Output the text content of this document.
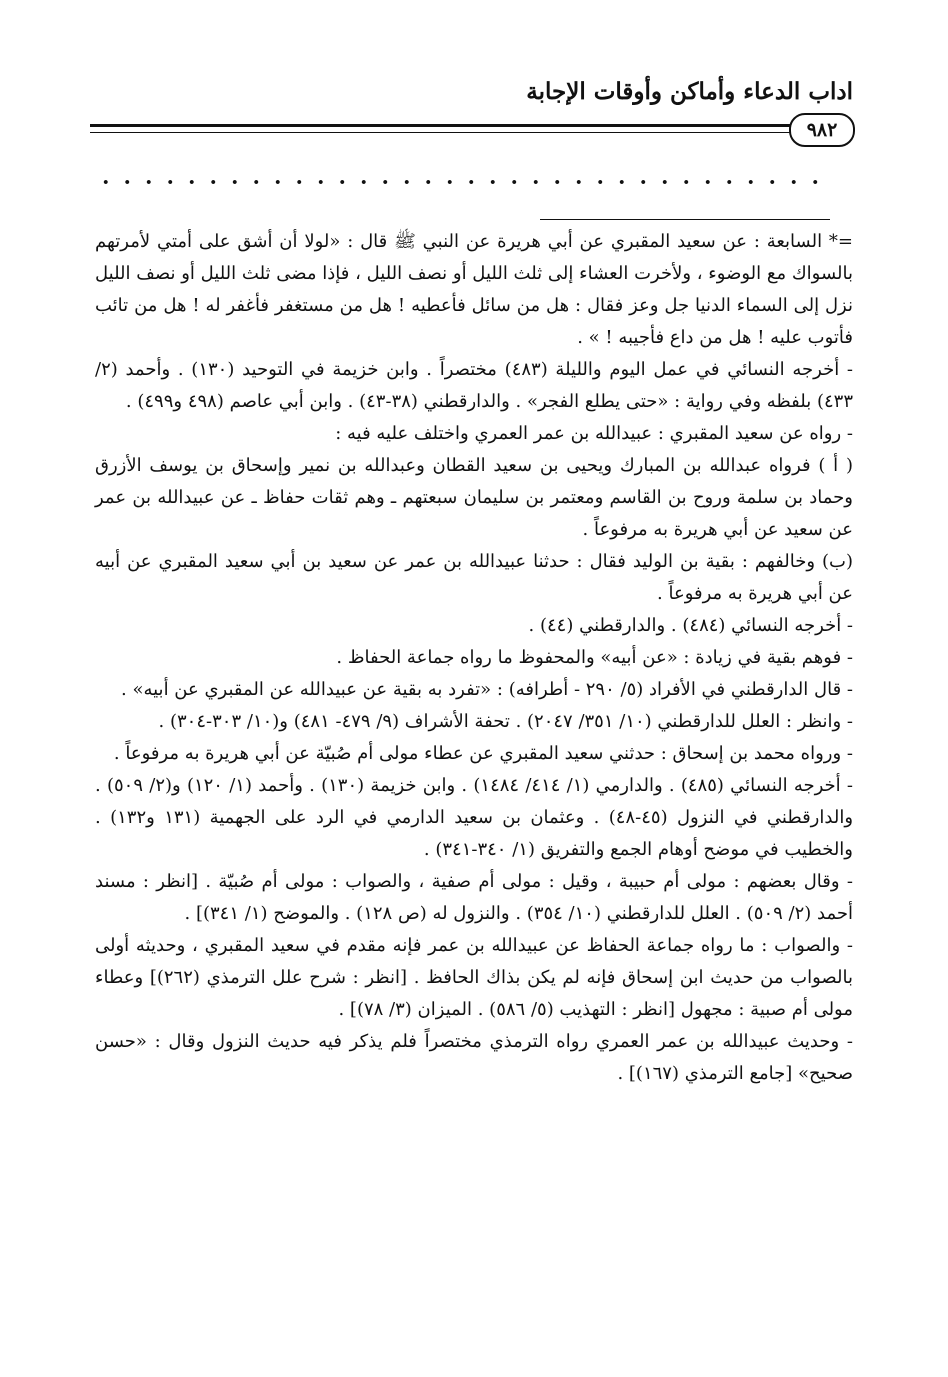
اداب الدعاء وأماكن وأوقات الإجابة
٩٨٢

=* السابعة : عن سعيد المقبري عن أبي هريرة عن النبي ﷺ قال : «لولا أن أشق على أمتي لأمرتهم بالسواك مع الوضوء ، ولأخرت العشاء إلى ثلث الليل أو نصف الليل ، فإذا مضى ثلث الليل أو نصف الليل نزل إلى السماء الدنيا جل وعز فقال : هل من سائل فأعطيه ! هل من مستغفر فأغفر له ! هل من تائب فأتوب عليه ! هل من داع فأجيبه ! » .

- أخرجه النسائي في عمل اليوم والليلة (٤٨٣) مختصراً . وابن خزيمة في التوحيد (١٣٠) . وأحمد (٢/ ٤٣٣) بلفظه وفي رواية : «حتى يطلع الفجر» . والدارقطني (٣٨-٤٣) . وابن أبي عاصم (٤٩٨ و٤٩٩) .

- رواه عن سعيد المقبري : عبيدالله بن عمر العمري واختلف عليه فيه :

( أ ) فرواه عبدالله بن المبارك ويحيى بن سعيد القطان وعبدالله بن نمير وإسحاق بن يوسف الأزرق وحماد بن سلمة وروح بن القاسم ومعتمر بن سليمان سبعتهم ـ وهم ثقات حفاظ ـ عن عبيدالله بن عمر عن سعيد عن أبي هريرة به مرفوعاً .

(ب) وخالفهم : بقية بن الوليد فقال : حدثنا عبيدالله بن عمر عن سعيد بن أبي سعيد المقبري عن أبيه عن أبي هريرة به مرفوعاً .

- أخرجه النسائي (٤٨٤) . والدارقطني (٤٤) .

- فوهم بقية في زيادة : «عن أبيه» والمحفوظ ما رواه جماعة الحفاظ .

- قال الدارقطني في الأفراد (٥/ ٢٩٠ - أطرافه) : «تفرد به بقية عن عبيدالله عن المقبري عن أبيه» .

- وانظر : العلل للدارقطني (١٠/ ٣٥١/ ٢٠٤٧) . تحفة الأشراف (٩/ ٤٧٩- ٤٨١) و(١٠/ ٣٠٣-٣٠٤) .

- ورواه محمد بن إسحاق : حدثني سعيد المقبري عن عطاء مولى أم صُبيّة عن أبي هريرة به مرفوعاً .

- أخرجه النسائي (٤٨٥) . والدارمي (١/ ٤١٤/ ١٤٨٤) . وابن خزيمة (١٣٠) . وأحمد (١/ ١٢٠) و(٢/ ٥٠٩) . والدارقطني في النزول (٤٥-٤٨) . وعثمان بن سعيد الدارمي في الرد على الجهمية (١٣١ و١٣٢) . والخطيب في موضح أوهام الجمع والتفريق (١/ ٣٤٠-٣٤١) .

- وقال بعضهم : مولى أم حبيبة ، وقيل : مولى أم صفية ، والصواب : مولى أم صُبيّة . [انظر : مسند أحمد (٢/ ٥٠٩) . العلل للدارقطني (١٠/ ٣٥٤) . والنزول له (ص ١٢٨) . والموضح (١/ ٣٤١)] .

- والصواب : ما رواه جماعة الحفاظ عن عبيدالله بن عمر فإنه مقدم في سعيد المقبري ، وحديثه أولى بالصواب من حديث ابن إسحاق فإنه لم يكن بذاك الحافظ . [انظر : شرح علل الترمذي (٢٦٢)] وعطاء مولى أم صبية : مجهول [انظر : التهذيب (٥/ ٥٨٦) . الميزان (٣/ ٧٨)] .

- وحديث عبيدالله بن عمر العمري رواه الترمذي مختصراً فلم يذكر فيه حديث النزول وقال : «حسن صحيح» [جامع الترمذي (١٦٧)] .
